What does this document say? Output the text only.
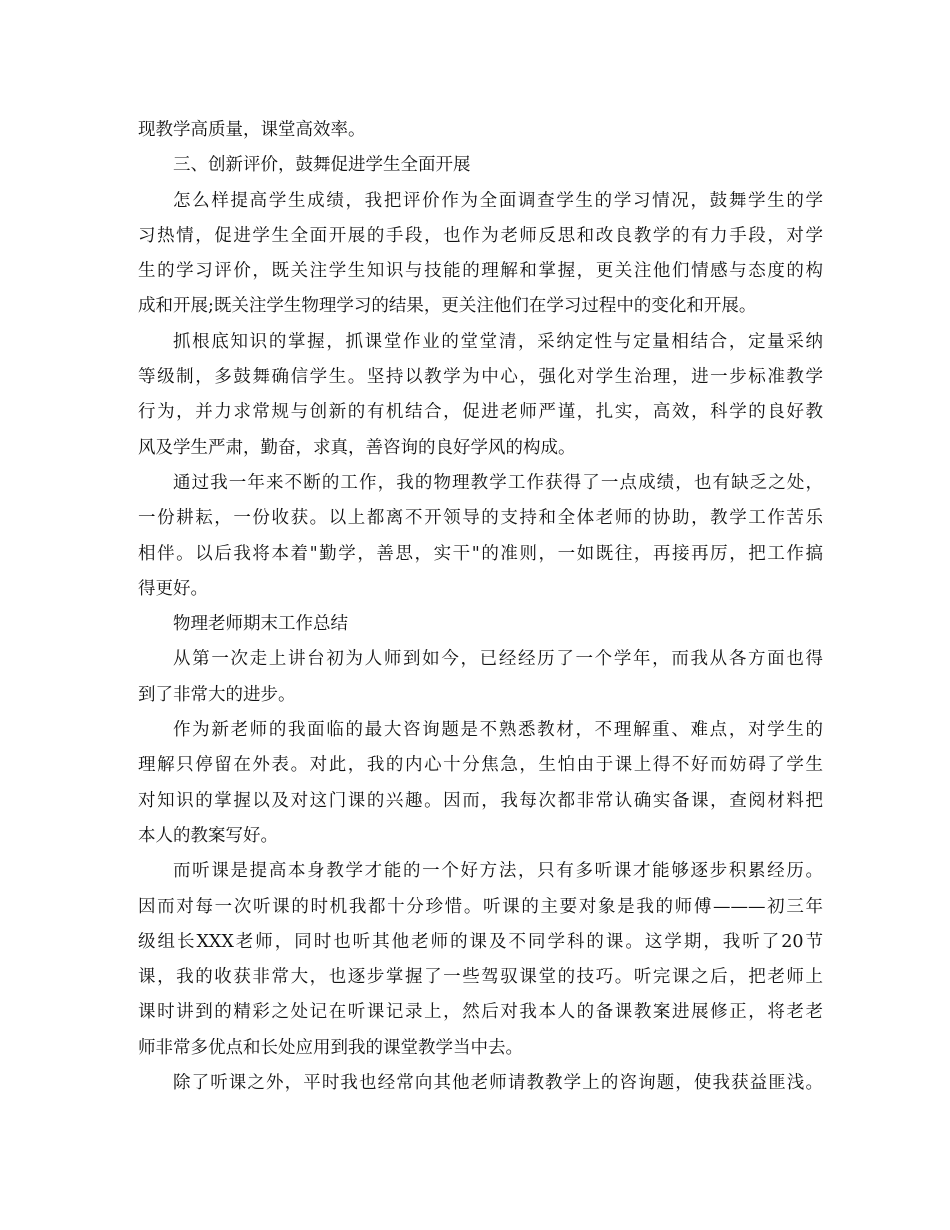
现教学高质量，课堂高效率。
三、创新评价，鼓舞促进学生全面开展
怎么样提高学生成绩，我把评价作为全面调查学生的学习情况，鼓舞学生的学
习热情，促进学生全面开展的手段，也作为老师反思和改良教学的有力手段，对学
生的学习评价，既关注学生知识与技能的理解和掌握，更关注他们情感与态度的构
成和开展;既关注学生物理学习的结果，更关注他们在学习过程中的变化和开展。
抓根底知识的掌握，抓课堂作业的堂堂清，采纳定性与定量相结合，定量采纳
等级制，多鼓舞确信学生。坚持以教学为中心，强化对学生治理，进一步标准教学
行为，并力求常规与创新的有机结合，促进老师严谨，扎实，高效，科学的良好教
风及学生严肃，勤奋，求真，善咨询的良好学风的构成。
通过我一年来不断的工作，我的物理教学工作获得了一点成绩，也有缺乏之处，
一份耕耘，一份收获。以上都离不开领导的支持和全体老师的协助，教学工作苦乐
相伴。以后我将本着"勤学，善思，实干"的准则，一如既往，再接再厉，把工作搞
得更好。
物理老师期末工作总结
从第一次走上讲台初为人师到如今，已经经历了一个学年，而我从各方面也得
到了非常大的进步。
作为新老师的我面临的最大咨询题是不熟悉教材，不理解重、难点，对学生的
理解只停留在外表。对此，我的内心十分焦急，生怕由于课上得不好而妨碍了学生
对知识的掌握以及对这门课的兴趣。因而，我每次都非常认确实备课，查阅材料把
本人的教案写好。
而听课是提高本身教学才能的一个好方法，只有多听课才能够逐步积累经历。
因而对每一次听课的时机我都十分珍惜。听课的主要对象是我的师傅———初三年
级组长XXX老师，同时也听其他老师的课及不同学科的课。这学期，我听了20节
课，我的收获非常大，也逐步掌握了一些驾驭课堂的技巧。听完课之后，把老师上
课时讲到的精彩之处记在听课记录上，然后对我本人的备课教案进展修正，将老老
师非常多优点和长处应用到我的课堂教学当中去。
除了听课之外，平时我也经常向其他老师请教教学上的咨询题，使我获益匪浅。
